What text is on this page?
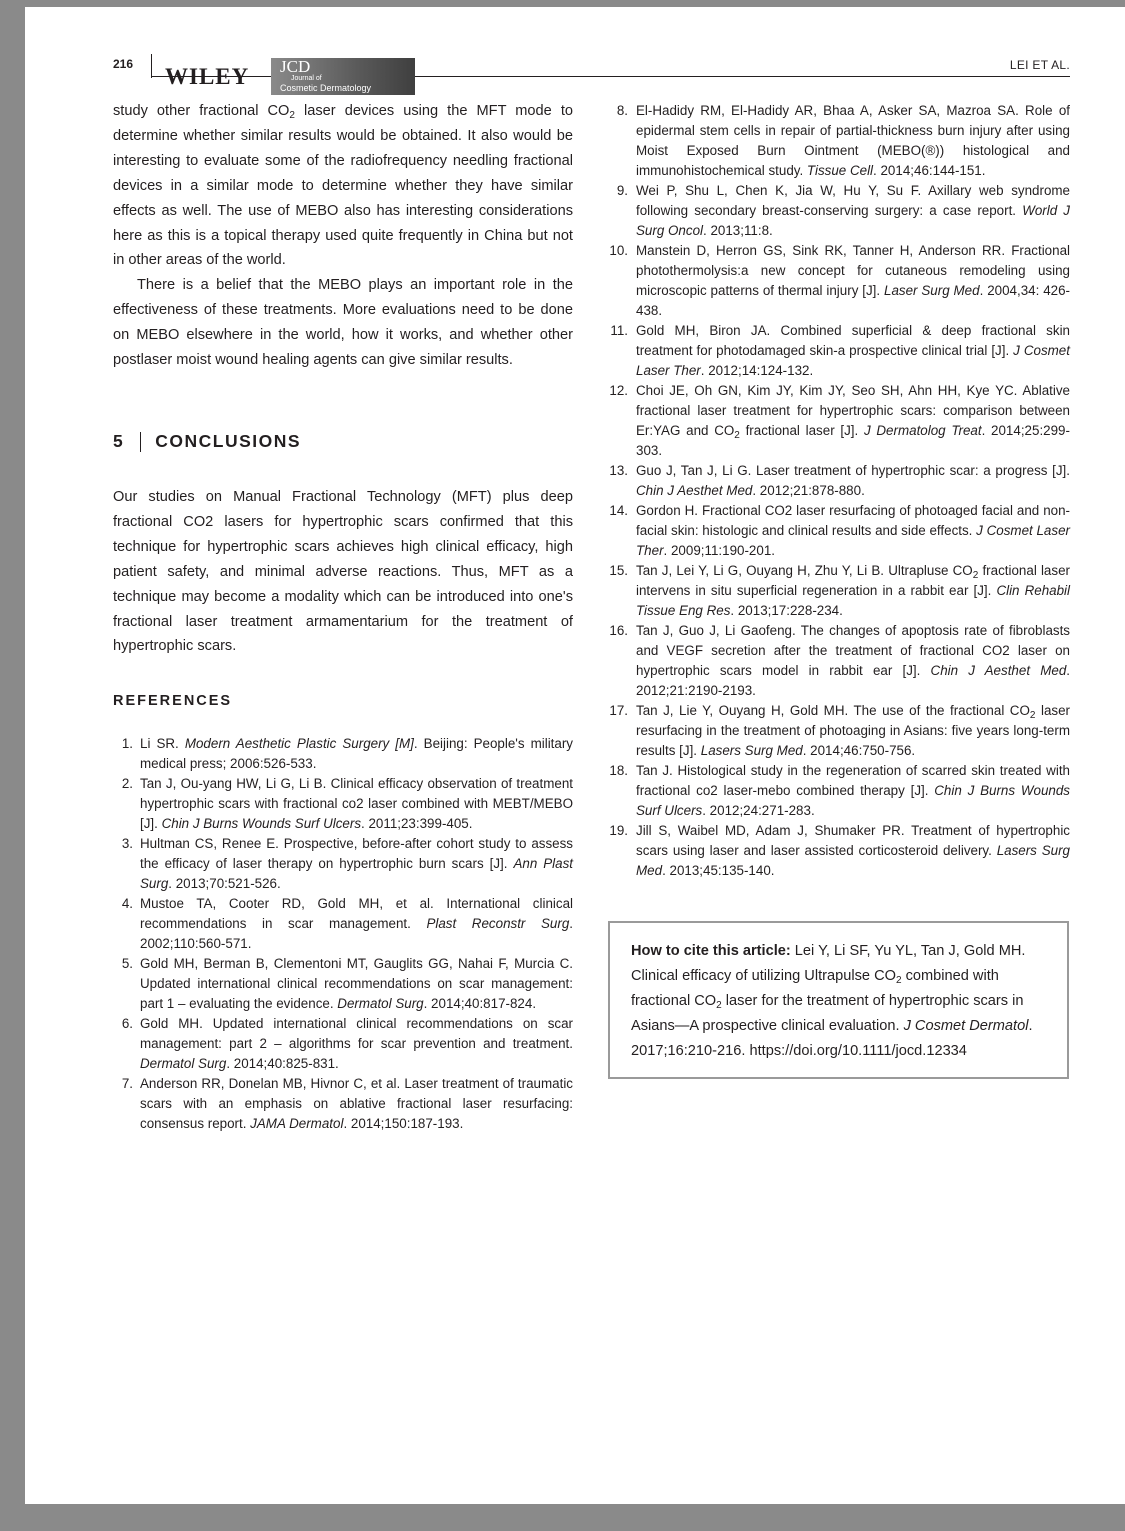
216 WILEY JCD
Journal of
Cosmetic Dermatology
LEI ET AL.

study other fractional $CO_2$ laser devices using the MFT mode to determine whether similar results would be obtained. It also would be interesting to evaluate some of the radiofrequency needling fractional devices in a similar mode to determine whether they have similar effects as well. The use of MEBO also has interesting considerations here as this is a topical therapy used quite frequently in China but not in other areas of the world.

There is a belief that the MEBO plays an important role in the effectiveness of these treatments. More evaluations need to be done on MEBO elsewhere in the world, how it works, and whether other postlaser moist wound healing agents can give similar results.

5 CONCLUSIONS

Our studies on Manual Fractional Technology (MFT) plus deep fractional CO2 lasers for hypertrophic scars confirmed that this technique for hypertrophic scars achieves high clinical efficacy, high patient safety, and minimal adverse reactions. Thus, MFT as a technique may become a modality which can be introduced into one's fractional laser treatment armamentarium for the treatment of hypertrophic scars.

REFERENCES
1. Li SR. Modern Aesthetic Plastic Surgery [M]. Beijing: People's military medical press; 2006:526-533.
2. Tan J, Ou-yang HW, Li G, Li B. Clinical efficacy observation of treatment hypertrophic scars with fractional co2 laser combined with MEBT/MEBO [J]. Chin J Burns Wounds Surf Ulcers. 2011;23:399-405.
3. Hultman CS, Renee E. Prospective, before-after cohort study to assess the efficacy of laser therapy on hypertrophic burn scars [J]. Ann Plast Surg. 2013;70:521-526.
4. Mustoe TA, Cooter RD, Gold MH, et al. International clinical recommendations in scar management. Plast Reconstr Surg. 2002;110:560-571.
5. Gold MH, Berman B, Clementoni MT, Gauglits GG, Nahai F, Murcia C. Updated international clinical recommendations on scar management: part 1 – evaluating the evidence. Dermatol Surg. 2014;40:817-824.
6. Gold MH. Updated international clinical recommendations on scar management: part 2 – algorithms for scar prevention and treatment. Dermatol Surg. 2014;40:825-831.
7. Anderson RR, Donelan MB, Hivnor C, et al. Laser treatment of traumatic scars with an emphasis on ablative fractional laser resurfacing: consensus report. JAMA Dermatol. 2014;150:187-193.
8. El-Hadidy RM, El-Hadidy AR, Bhaa A, Asker SA, Mazroa SA. Role of epidermal stem cells in repair of partial-thickness burn injury after using Moist Exposed Burn Ointment (MEBO(®)) histological and immunohistochemical study. Tissue Cell. 2014;46:144-151.
9. Wei P, Shu L, Chen K, Jia W, Hu Y, Su F. Axillary web syndrome following secondary breast-conserving surgery: a case report. World J Surg Oncol. 2013;11:8.
10. Manstein D, Herron GS, Sink RK, Tanner H, Anderson RR. Fractional photothermolysis:a new concept for cutaneous remodeling using microscopic patterns of thermal injury [J]. Laser Surg Med. 2004,34: 426-438.
11. Gold MH, Biron JA. Combined superficial & deep fractional skin treatment for photodamaged skin-a prospective clinical trial [J]. J Cosmet Laser Ther. 2012;14:124-132.
12. Choi JE, Oh GN, Kim JY, Kim JY, Seo SH, Ahn HH, Kye YC. Ablative fractional laser treatment for hypertrophic scars: comparison between Er:YAG and $CO_2$ fractional laser [J]. J Dermatolog Treat. 2014;25:299-303.
13. Guo J, Tan J, Li G. Laser treatment of hypertrophic scar: a progress [J]. Chin J Aesthet Med. 2012;21:878-880.
14. Gordon H. Fractional CO2 laser resurfacing of photoaged facial and non-facial skin: histologic and clinical results and side effects. J Cosmet Laser Ther. 2009;11:190-201.
15. Tan J, Lei Y, Li G, Ouyang H, Zhu Y, Li B. Ultrapluse $CO_2$ fractional laser intervens in situ superficial regeneration in a rabbit ear [J]. Clin Rehabil Tissue Eng Res. 2013;17:228-234.
16. Tan J, Guo J, Li Gaofeng. The changes of apoptosis rate of fibroblasts and VEGF secretion after the treatment of fractional CO2 laser on hypertrophic scars model in rabbit ear [J]. Chin J Aesthet Med. 2012;21:2190-2193.
17. Tan J, Lie Y, Ouyang H, Gold MH. The use of the fractional $CO_2$ laser resurfacing in the treatment of photoaging in Asians: five years long-term results [J]. Lasers Surg Med. 2014;46:750-756.
18. Tan J. Histological study in the regeneration of scarred skin treated with fractional co2 laser-mebo combined therapy [J]. Chin J Burns Wounds Surf Ulcers. 2012;24:271-283.
19. Jill S, Waibel MD, Adam J, Shumaker PR. Treatment of hypertrophic scars using laser and laser assisted corticosteroid delivery. Lasers Surg Med. 2013;45:135-140.
How to cite this article: Lei Y, Li SF, Yu YL, Tan J, Gold MH. Clinical efficacy of utilizing Ultrapulse $CO_2$ combined with fractional $CO_2$ laser for the treatment of hypertrophic scars in Asians—A prospective clinical evaluation. J Cosmet Dermatol. 2017;16:210-216. https://doi.org/10.1111/jocd.12334
